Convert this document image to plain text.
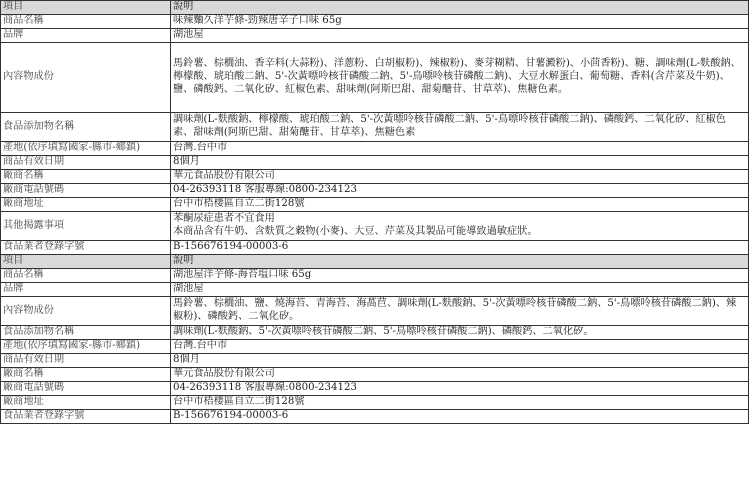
項目	說明
商品名稱	味辣麯久洋芋條-勁辣唐辛子口味 65g
品牌	湖池屋
內容物成份	馬鈴薯、棕櫚油、香辛料(大蒜粉)、洋蔥粉、白胡椒粉)、辣椒粉)、麥芽糊精、甘薯澱粉)、小茴香粉)、糖、調味劑(L-麩酸鈉、檸檬酸、琥珀酸二鈉、5'-次黃嘌呤核苷磷酸二鈉、5'-鳥嘌呤核苷磷酸二鈉)、大豆水解蛋白、葡萄糖、香料(含芹菜及牛奶)、鹽、磷酸鈣、二氧化矽、紅椒色素、甜味劑(阿斯巴甜、甜菊醣苷、甘草萃)、焦糖色素。
食品添加物名稱	調味劑(L-麩酸鈉、檸檬酸、琥珀酸二鈉、5'-次黃嘌呤核苷磷酸二鈉、5'-鳥嘌呤核苷磷酸二鈉)、磷酸鈣、二氧化矽、紅椒色素、甜味劑(阿斯巴甜、甜菊醣苷、甘草萃)、焦糖色素
產地(依序填寫國家-縣市-鄉鎮)	台灣.台中市
商品有效日期	8個月
廠商名稱	華元食品股份有限公司
廠商電話號碼	04-26393118 客服專線:0800-234123
廠商地址	台中市梧棲區自立二街128號
其他揭露事項	苯酮尿症患者不宜食用
本商品含有牛奶、含麩質之穀物(小麥)、大豆、芹菜及其製品可能導致過敏症狀。

食品業者登錄字號	B-156676194-00003-6
項目	說明
商品名稱	湖池屋洋芋條-海苔塩口味 65g
品牌	湖池屋
內容物成份	馬鈴薯、棕櫚油、鹽、燒海苔、青海苔、海萵苣、調味劑(L-麩酸鈉、5'-次黃嘌呤核苷磷酸二鈉、5'-鳥嘌呤核苷磷酸二鈉)、辣椒粉)、磷酸鈣、二氧化矽。
食品添加物名稱	調味劑(L-麩酸鈉、5'-次黃嘌呤核苷磷酸二鈉、5'-鳥嘌呤核苷磷酸二鈉)、磷酸鈣、二氧化矽。
產地(依序填寫國家-縣市-鄉鎮)	台灣.台中市
商品有效日期	8個月
廠商名稱	華元食品股份有限公司
廠商電話號碼	04-26393118 客服專線:0800-234123
廠商地址	台中市梧棲區自立二街128號
食品業者登錄字號	B-156676194-00003-6
